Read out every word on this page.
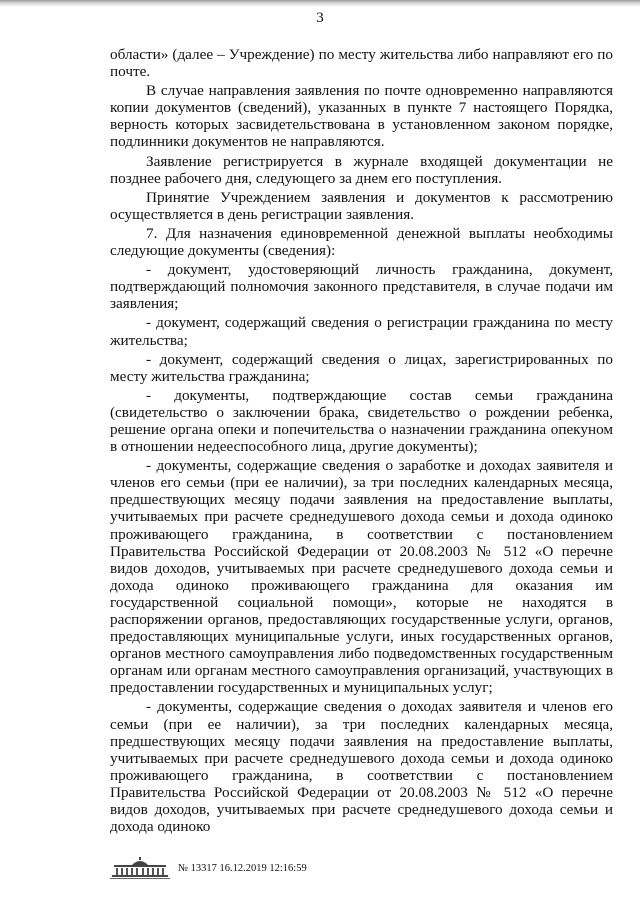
3

области» (далее – Учреждение) по месту жительства либо направляют его по почте.

В случае направления заявления по почте одновременно направляются копии документов (сведений), указанных в пункте 7 настоящего Порядка, верность которых засвидетельствована в установленном законом порядке, подлинники документов не направляются.

Заявление регистрируется в журнале входящей документации не позднее рабочего дня, следующего за днем его поступления.

Принятие Учреждением заявления и документов к рассмотрению осуществляется в день регистрации заявления.

7. Для назначения единовременной денежной выплаты необходимы следующие документы (сведения):

- документ, удостоверяющий личность гражданина, документ, подтверждающий полномочия законного представителя, в случае подачи им заявления;

- документ, содержащий сведения о регистрации гражданина по месту жительства;

- документ, содержащий сведения о лицах, зарегистрированных по месту жительства гражданина;

- документы, подтверждающие состав семьи гражданина (свидетельство о заключении брака, свидетельство о рождении ребенка, решение органа опеки и попечительства о назначении гражданина опекуном в отношении недееспособного лица, другие документы);

- документы, содержащие сведения о заработке и доходах заявителя и членов его семьи (при ее наличии), за три последних календарных месяца, предшествующих месяцу подачи заявления на предоставление выплаты, учитываемых при расчете среднедушевого дохода семьи и дохода одиноко проживающего гражданина, в соответствии с постановлением Правительства Российской Федерации от 20.08.2003 № 512 «О перечне видов доходов, учитываемых при расчете среднедушевого дохода семьи и дохода одиноко проживающего гражданина для оказания им государственной социальной помощи», которые не находятся в распоряжении органов, предоставляющих государственные услуги, органов, предоставляющих муниципальные услуги, иных государственных органов, органов местного самоуправления либо подведомственных государственным органам или органам местного самоуправления организаций, участвующих в предоставлении государственных и муниципальных услуг;

- документы, содержащие сведения о доходах заявителя и членов его семьи (при ее наличии), за три последних календарных месяца, предшествующих месяцу подачи заявления на предоставление выплаты, учитываемых при расчете среднедушевого дохода семьи и дохода одиноко проживающего гражданина, в соответствии с постановлением Правительства Российской Федерации от 20.08.2003 № 512 «О перечне видов доходов, учитываемых при расчете среднедушевого дохода семьи и дохода одиноко

№ 13317 16.12.2019 12:16:59
